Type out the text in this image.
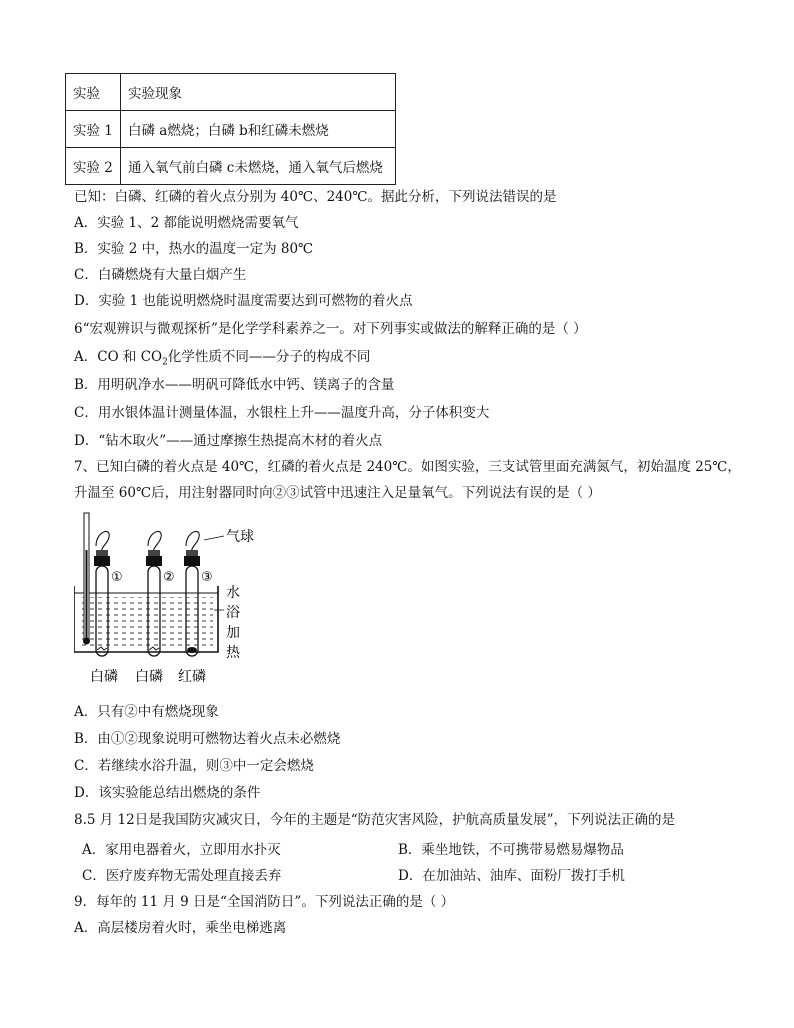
实验	实验现象
实验 1	白磷 a燃烧；白磷 b和红磷未燃烧
实验 2	通入氧气前白磷 c未燃烧，通入氧气后燃烧
已知：白磷、红磷的着火点分别为 40℃、240℃。据此分析，下列说法错误的是
A．实验 1、2 都能说明燃烧需要氧气
B．实验 2 中，热水的温度一定为 80℃
C．白磷燃烧有大量白烟产生
D．实验 1 也能说明燃烧时温度需要达到可燃物的着火点
6“宏观辨识与微观探析”是化学学科素养之一。对下列事实或做法的解释正确的是（ ）
A．CO 和 $CO_2$化学性质不同——分子的构成不同
B．用明矾净水——明矾可降低水中钙、镁离子的含量
C．用水银体温计测量体温，水银柱上升——温度升高，分子体积变大
D．“钻木取火”——通过摩擦生热提高木材的着火点
7、已知白磷的着火点是 40℃，红磷的着火点是 240℃。如图实验，三支试管里面充满氮气，初始温度 25℃，
升温至 60℃后，用注射器同时向②③试管中迅速注入足量氧气。下列说法有误的是（ ）
气球
①	② ③
水
浴
加
热
白磷 白磷 红磷
A．只有②中有燃烧现象
B．由①②现象说明可燃物达着火点未必燃烧
C．若继续水浴升温，则③中一定会燃烧
D．该实验能总结出燃烧的条件
8.5 月 12日是我国防灾减灾日，今年的主题是“防范灾害风险，护航高质量发展”，下列说法正确的是
A．家用电器着火，立即用水扑灭	B．乘坐地铁，不可携带易燃易爆物品
C．医疗废弃物无需处理直接丢弃	D．在加油站、油库、面粉厂拨打手机
9．每年的 11 月 9 日是“全国消防日”。下列说法正确的是（ ）
A．高层楼房着火时，乘坐电梯逃离
